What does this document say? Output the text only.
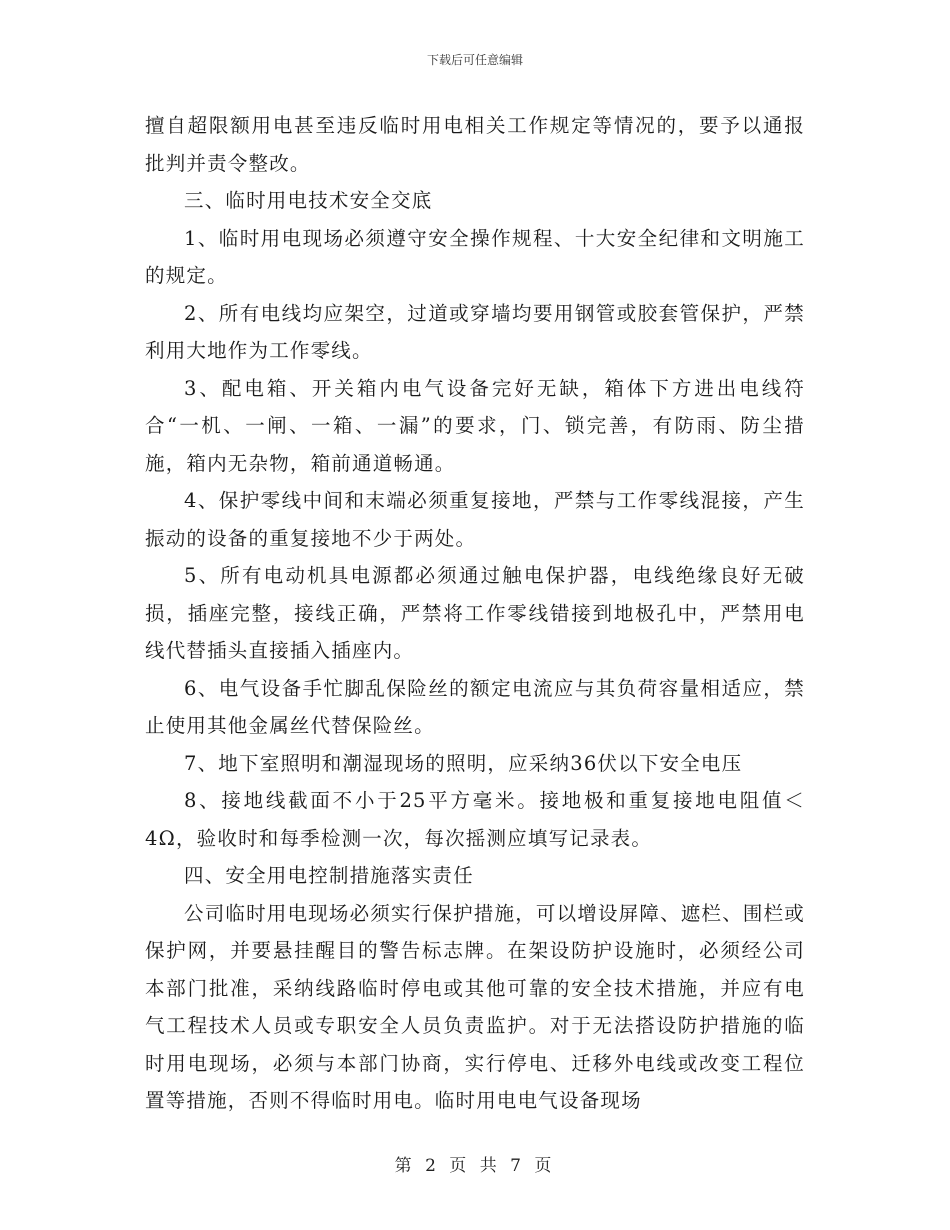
下载后可任意编辑

擅自超限额用电甚至违反临时用电相关工作规定等情况的，要予以通报批判并责令整改。

三、临时用电技术安全交底

1、临时用电现场必须遵守安全操作规程、十大安全纪律和文明施工的规定。

2、所有电线均应架空，过道或穿墙均要用钢管或胶套管保护，严禁利用大地作为工作零线。

3、配电箱、开关箱内电气设备完好无缺，箱体下方进出电线符合“一机、一闸、一箱、一漏”的要求，门、锁完善，有防雨、防尘措施，箱内无杂物，箱前通道畅通。

4、保护零线中间和末端必须重复接地，严禁与工作零线混接，产生振动的设备的重复接地不少于两处。

5、所有电动机具电源都必须通过触电保护器，电线绝缘良好无破损，插座完整，接线正确，严禁将工作零线错接到地极孔中，严禁用电线代替插头直接插入插座内。

6、电气设备手忙脚乱保险丝的额定电流应与其负荷容量相适应，禁止使用其他金属丝代替保险丝。

7、地下室照明和潮湿现场的照明，应采纳36伏以下安全电压

8、接地线截面不小于25平方毫米。接地极和重复接地电阻值＜4Ω，验收时和每季检测一次，每次摇测应填写记录表。

四、安全用电控制措施落实责任

公司临时用电现场必须实行保护措施，可以增设屏障、遮栏、围栏或保护网，并要悬挂醒目的警告标志牌。在架设防护设施时，必须经公司本部门批准，采纳线路临时停电或其他可靠的安全技术措施，并应有电气工程技术人员或专职安全人员负责监护。对于无法搭设防护措施的临时用电现场，必须与本部门协商，实行停电、迁移外电线或改变工程位置等措施，否则不得临时用电。临时用电电气设备现场

第 2 页 共 7 页
